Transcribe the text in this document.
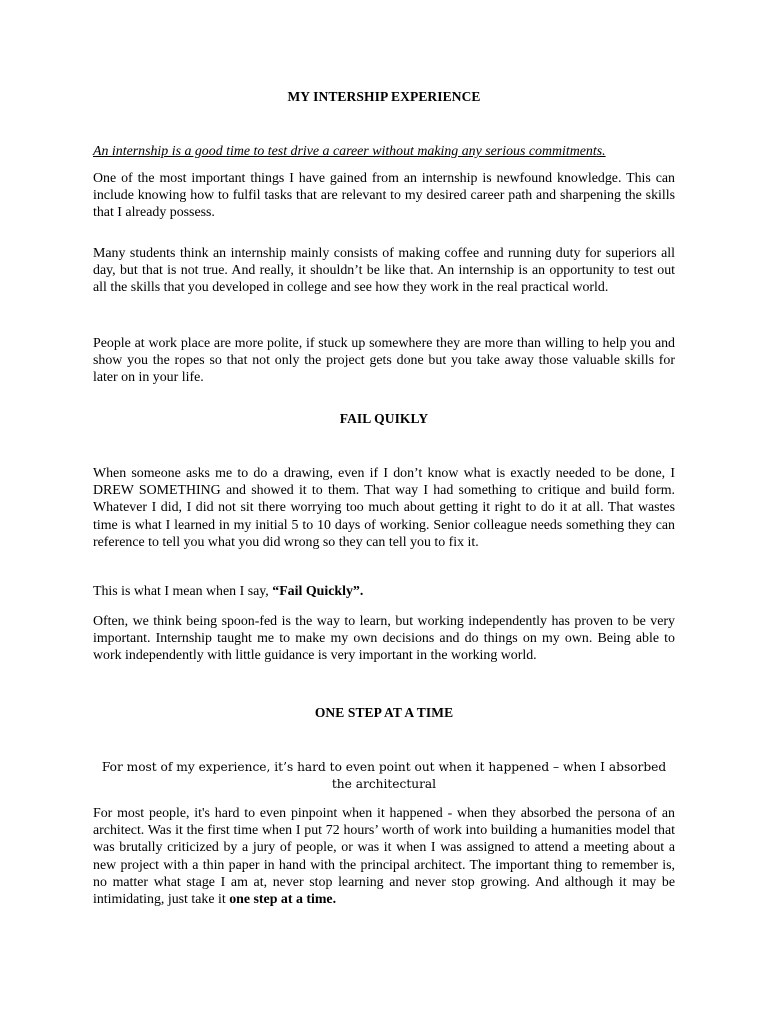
MY INTERSHIP EXPERIENCE
An internship is a good time to test drive a career without making any serious commitments.
One of the most important things I have gained from an internship is newfound knowledge. This can include knowing how to fulfil tasks that are relevant to my desired career path and sharpening the skills that I already possess.
Many students think an internship mainly consists of making coffee and running duty for superiors all day, but that is not true. And really, it shouldn’t be like that. An internship is an opportunity to test out all the skills that you developed in college and see how they work in the real practical world.
People at work place are more polite, if stuck up somewhere they are more than willing to help you and show you the ropes so that not only the project gets done but you take away those valuable skills for later on in your life.
FAIL QUIKLY
When someone asks me to do a drawing, even if I don’t know what is exactly needed to be done, I DREW SOMETHING and showed it to them. That way I had something to critique and build form. Whatever I did, I did not sit there worrying too much about getting it right to do it at all. That wastes time is what I learned in my initial 5 to 10 days of working. Senior colleague needs something they can reference to tell you what you did wrong so they can tell you to fix it.
This is what I mean when I say, “Fail Quickly”.
Often, we think being spoon-fed is the way to learn, but working independently has proven to be very important. Internship taught me to make my own decisions and do things on my own. Being able to work independently with little guidance is very important in the working world.
ONE STEP AT A TIME
For most of my experience, it’s hard to even point out when it happened – when I absorbed the architectural
For most people, it's hard to even pinpoint when it happened - when they absorbed the persona of an architect. Was it the first time when I put 72 hours’ worth of work into building a humanities model that was brutally criticized by a jury of people, or was it when I was assigned to attend a meeting about a new project with a thin paper in hand with the principal architect. The important thing to remember is, no matter what stage I am at, never stop learning and never stop growing. And although it may be intimidating, just take it one step at a time.
